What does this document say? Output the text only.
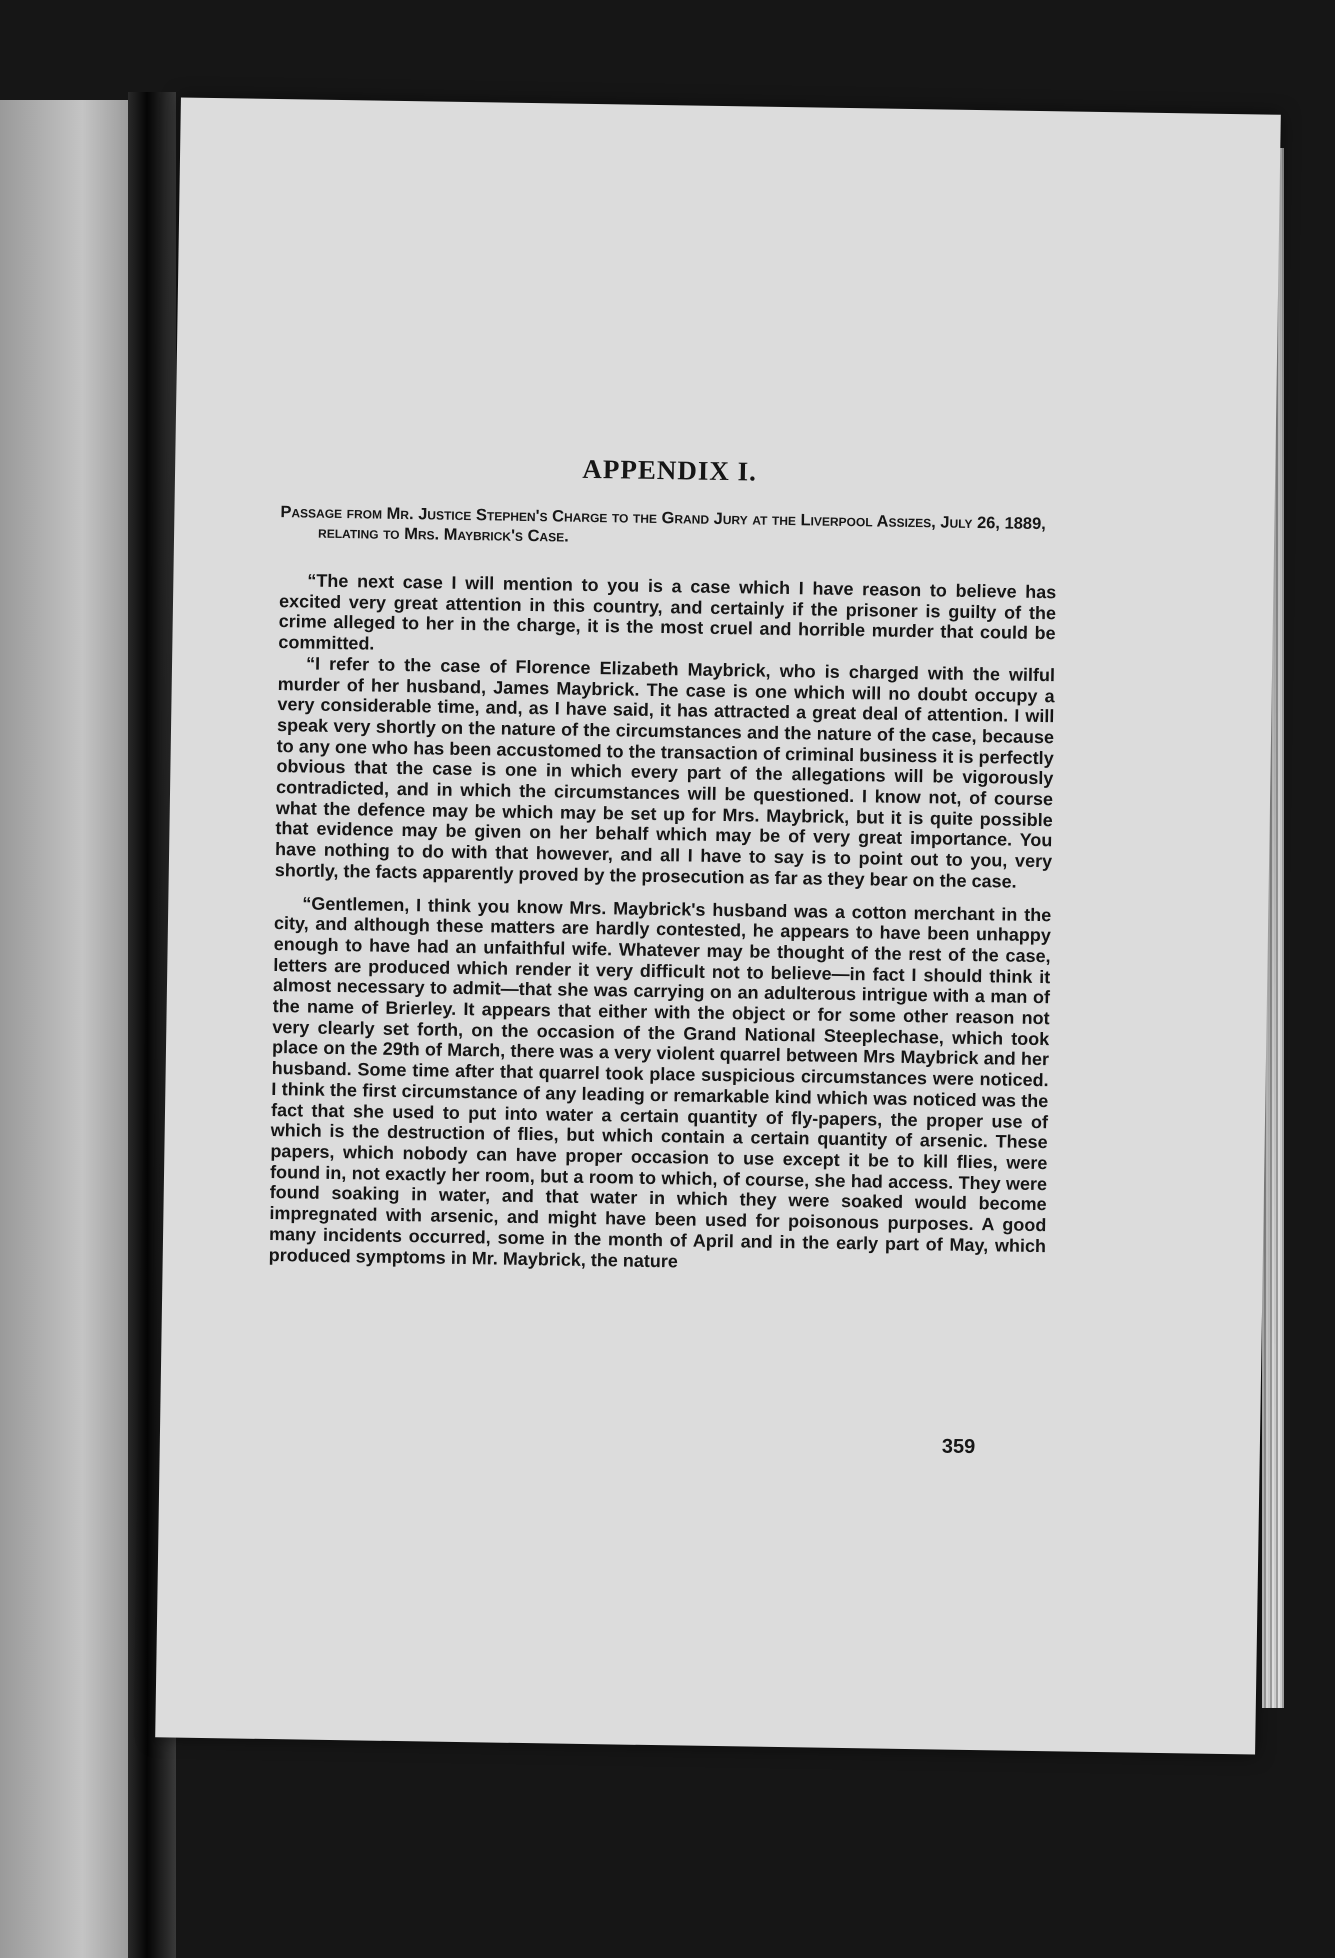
APPENDIX I.

Passage from Mr. Justice Stephen's Charge to the Grand Jury at the Liverpool Assizes, July 26, 1889, relating to Mrs. Maybrick's Case.

“The next case I will mention to you is a case which I have reason to believe has excited very great attention in this country, and certainly if the prisoner is guilty of the crime alleged to her in the charge, it is the most cruel and horrible murder that could be committed.

“I refer to the case of Florence Elizabeth Maybrick, who is charged with the wilful murder of her husband, James Maybrick. The case is one which will no doubt occupy a very considerable time, and, as I have said, it has attracted a great deal of attention. I will speak very shortly on the nature of the circumstances and the nature of the case, because to any one who has been accustomed to the transaction of criminal business it is perfectly obvious that the case is one in which every part of the allegations will be vigorously contradicted, and in which the circumstances will be questioned. I know not, of course what the defence may be which may be set up for Mrs. Maybrick, but it is quite possible that evidence may be given on her behalf which may be of very great importance. You have nothing to do with that however, and all I have to say is to point out to you, very shortly, the facts apparently proved by the prosecution as far as they bear on the case.

“Gentlemen, I think you know Mrs. Maybrick's husband was a cotton merchant in the city, and although these matters are hardly contested, he appears to have been unhappy enough to have had an unfaithful wife. Whatever may be thought of the rest of the case, letters are produced which render it very difficult not to believe—in fact I should think it almost necessary to admit—that she was carrying on an adulterous intrigue with a man of the name of Brierley. It appears that either with the object or for some other reason not very clearly set forth, on the occasion of the Grand National Steeplechase, which took place on the 29th of March, there was a very violent quarrel between Mrs Maybrick and her husband. Some time after that quarrel took place suspicious circumstances were noticed. I think the first circumstance of any leading or remarkable kind which was noticed was the fact that she used to put into water a certain quantity of fly-papers, the proper use of which is the destruction of flies, but which contain a certain quantity of arsenic. These papers, which nobody can have proper occasion to use except it be to kill flies, were found in, not exactly her room, but a room to which, of course, she had access. They were found soaking in water, and that water in which they were soaked would become impregnated with arsenic, and might have been used for poisonous purposes. A good many incidents occurred, some in the month of April and in the early part of May, which produced symptoms in Mr. Maybrick, the nature

359
